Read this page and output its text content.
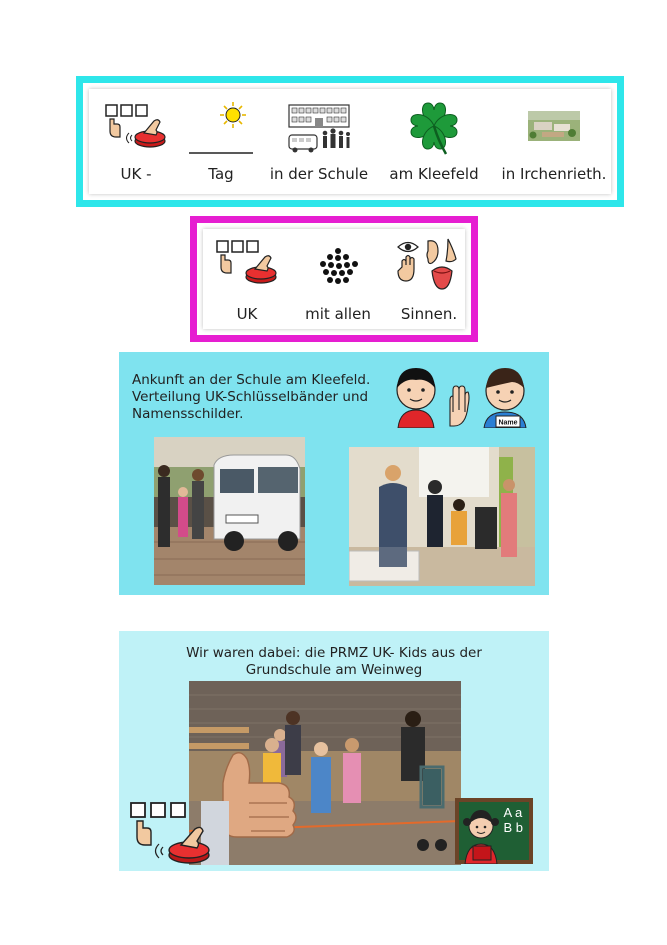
UK -	Tag	in der Schule	am Kleefeld	in Irchenrieth.
UK	mit allen	Sinnen.
Ankunft an der Schule am Kleefeld.
Verteilung UK-Schlüsselbänder und
Namensschilder.
Name
Wir waren dabei: die PRMZ UK- Kids aus der
Grundschule am Weinweg
A a
B b
